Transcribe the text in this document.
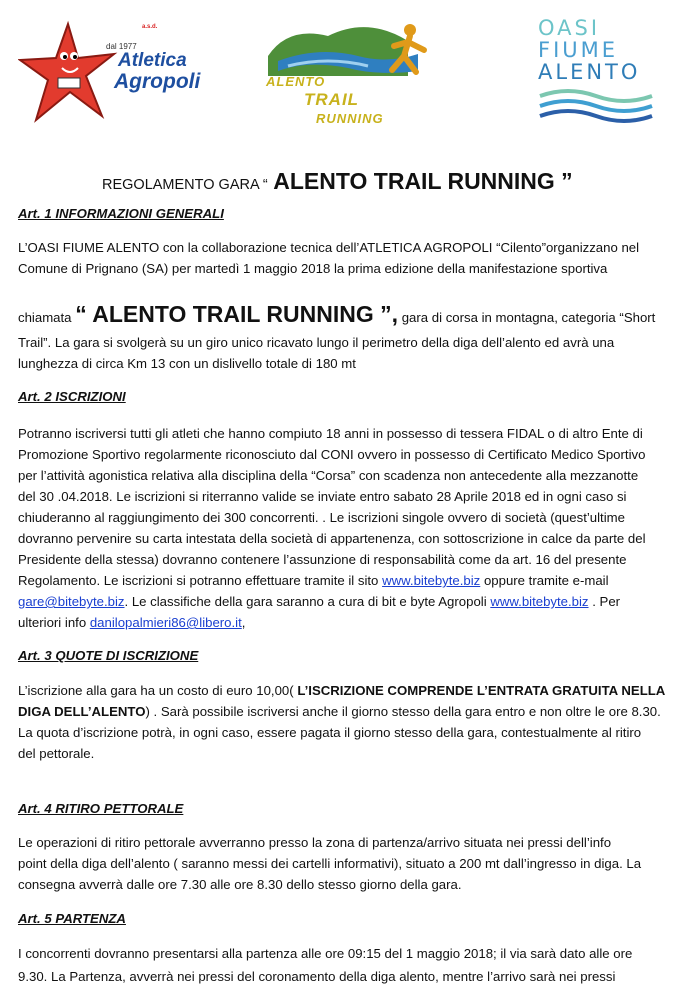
a.s.d.
dal 1977
Atletica
Agropoli	ALENTO
TRAIL
RUNNING
OASI
FIUME
ALENTO
REGOLAMENTO GARA “ ALENTO TRAIL RUNNING ”
Art. 1 INFORMAZIONI GENERALI
L’OASI FIUME ALENTO con la collaborazione tecnica dell’ATLETICA AGROPOLI “Cilento”organizzano nel
Comune di Prignano (SA) per martedì 1 maggio 2018 la prima edizione della manifestazione sportiva
chiamata “ ALENTO TRAIL RUNNING ”, gara di corsa in montagna, categoria “Short
Trail”. La gara si svolgerà su un giro unico ricavato lungo il perimetro della diga dell’alento ed avrà una
lunghezza di circa Km 13 con un dislivello totale di 180 mt
Art. 2 ISCRIZIONI
Potranno iscriversi tutti gli atleti che hanno compiuto 18 anni in possesso di tessera FIDAL o di altro Ente di
Promozione Sportivo regolarmente riconosciuto dal CONI ovvero in possesso di Certificato Medico Sportivo
per l’attività agonistica relativa alla disciplina della “Corsa” con scadenza non antecedente alla mezzanotte
del 30 .04.2018. Le iscrizioni si riterranno valide se inviate entro sabato 28 Aprile 2018 ed in ogni caso si
chiuderanno al raggiungimento dei 300 concorrenti. . Le iscrizioni singole ovvero di società (quest’ultime
dovranno pervenire su carta intestata della società di appartenenza, con sottoscrizione in calce da parte del
Presidente della stessa) dovranno contenere l’assunzione di responsabilità come da art. 16 del presente
Regolamento. Le iscrizioni si potranno effettuare tramite il sito www.bitebyte.biz oppure tramite e-mail
gare@bitebyte.biz. Le classifiche della gara saranno a cura di bit e byte Agropoli www.bitebyte.biz . Per
ulteriori info danilopalmieri86@libero.it,
Art. 3 QUOTE DI ISCRIZIONE
L’iscrizione alla gara ha un costo di euro 10,00( L’ISCRIZIONE COMPRENDE L’ENTRATA GRATUITA NELLA
DIGA DELL’ALENTO) . Sarà possibile iscriversi anche il giorno stesso della gara entro e non oltre le ore 8.30.
La quota d’iscrizione potrà, in ogni caso, essere pagata il giorno stesso della gara, contestualmente al ritiro
del pettorale.
Art. 4 RITIRO PETTORALE
Le operazioni di ritiro pettorale avverranno presso la zona di partenza/arrivo situata nei pressi dell’info
point della diga dell’alento ( saranno messi dei cartelli informativi), situato a 200 mt dall’ingresso in diga. La
consegna avverrà dalle ore 7.30 alle ore 8.30 dello stesso giorno della gara.
Art. 5 PARTENZA
I concorrenti dovranno presentarsi alla partenza alle ore 09:15 del 1 maggio 2018; il via sarà dato alle ore
9.30. La Partenza, avverrà nei pressi del coronamento della diga alento, mentre l’arrivo sarà nei pressi
